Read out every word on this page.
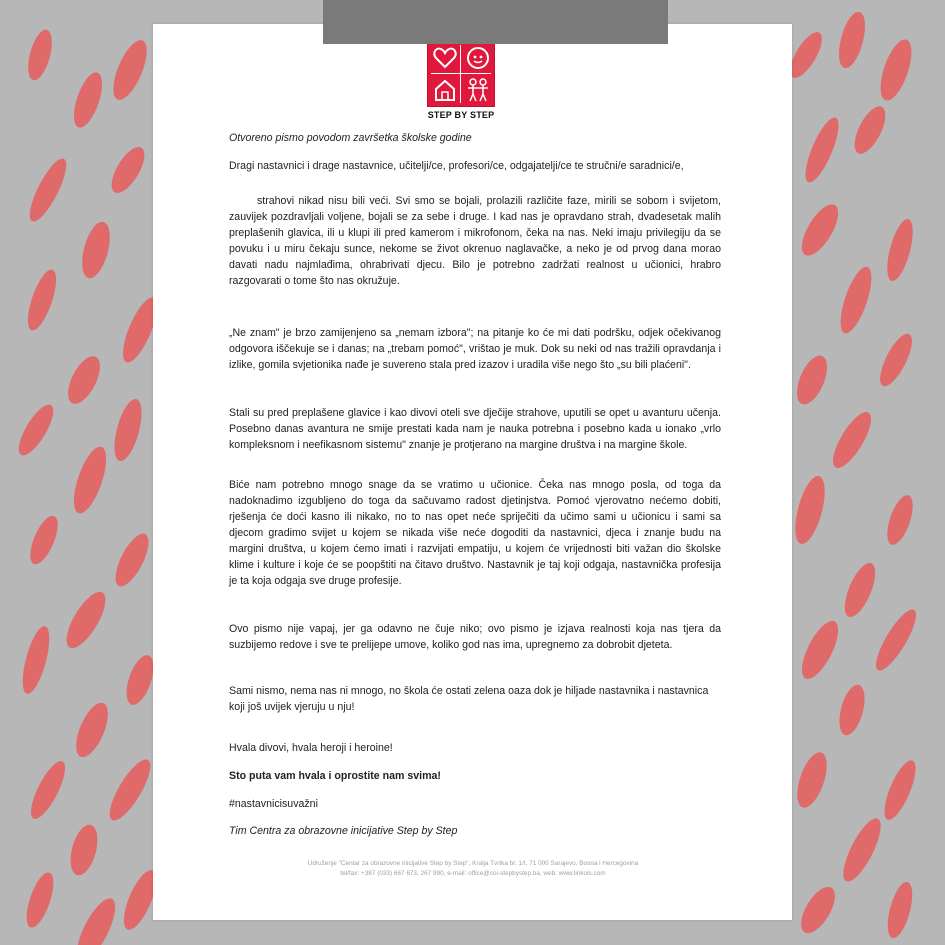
STEP BY STEP
Otvoreno pismo povodom završetka školske godine
Dragi nastavnici i drage nastavnice, učitelji/ce, profesori/ce, odgajatelji/ce te stručni/e saradnici/e,
strahovi nikad nisu bili veći. Svi smo se bojali, prolazili različite faze, mirili se sobom i svijetom, zauvijek pozdravljali voljene, bojali se za sebe i druge. I kad nas je opravdano strah, dvadesetak malih preplašenih glavica, ili u klupi ili pred kamerom i mikrofonom, čeka na nas. Neki imaju privilegiju da se povuku i u miru čekaju sunce, nekome se život okrenuo naglavačke, a neko je od prvog dana morao davati nadu najmlađima, ohrabrivati djecu. Bilo je potrebno zadržati realnost u učionici, hrabro razgovarati o tome što nas okružuje.
„Ne znam" je brzo zamijenjeno sa „nemam izbora"; na pitanje ko će mi dati podršku, odjek očekivanog odgovora iščekuje se i danas; na „trebam pomoć", vrištao je muk. Dok su neki od nas tražili opravdanja i izlike, gomila svjetionika nađe je suvereno stala pred izazov i uradila više nego što „su bili plaćeni".
Stali su pred preplašene glavice i kao divovi oteli sve dječije strahove, uputili se opet u avanturu učenja. Posebno danas avantura ne smije prestati kada nam je nauka potrebna i posebno kada u ionako „vrlo kompleksnom i neefikasnom sistemu" znanje je protjerano na margine društva i na margine škole.
Biće nam potrebno mnogo snage da se vratimo u učionice. Čeka nas mnogo posla, od toga da nadoknadimo izgubljeno do toga da sačuvamo radost djetinjstva. Pomoć vjerovatno nećemo dobiti, rješenja će doći kasno ili nikako, no to nas opet neće spriječiti da učimo sami u učionicu i sami sa djecom gradimo svijet u kojem se nikada više neće dogoditi da nastavnici, djeca i znanje budu na margini društva, u kojem ćemo imati i razvijati empatiju, u kojem će vrijednosti biti važan dio školske klime i kulture i koje će se poopštiti na čitavo društvo. Nastavnik je taj koji odgaja, nastavnička profesija je ta koja odgaja sve druge profesije.
Ovo pismo nije vapaj, jer ga odavno ne čuje niko; ovo pismo je izjava realnosti koja nas tjera da suzbijemo redove i sve te prelijepe umove, koliko god nas ima, upregnemo za dobrobit djeteta.
Sami nismo, nema nas ni mnogo, no škola će ostati zelena oaza dok je hiljade nastavnika i nastavnica koji još uvijek vjeruju u nju!
Hvala divovi, hvala heroji i heroine!
Sto puta vam hvala i oprostite nam svima!
#nastavnicisuvažni
Tim Centra za obrazovne inicijative Step by Step
Udruženje "Centar za obrazovne inicijative Step by Step", Kralja Tvrtka br. 1/I, 71 000 Sarajevo, Bosna i Hercegovina
tel/fax: +387 (033) 667 673, 267 990, e-mail: office@coi-stepbystep.ba, web: www.linkols.com
